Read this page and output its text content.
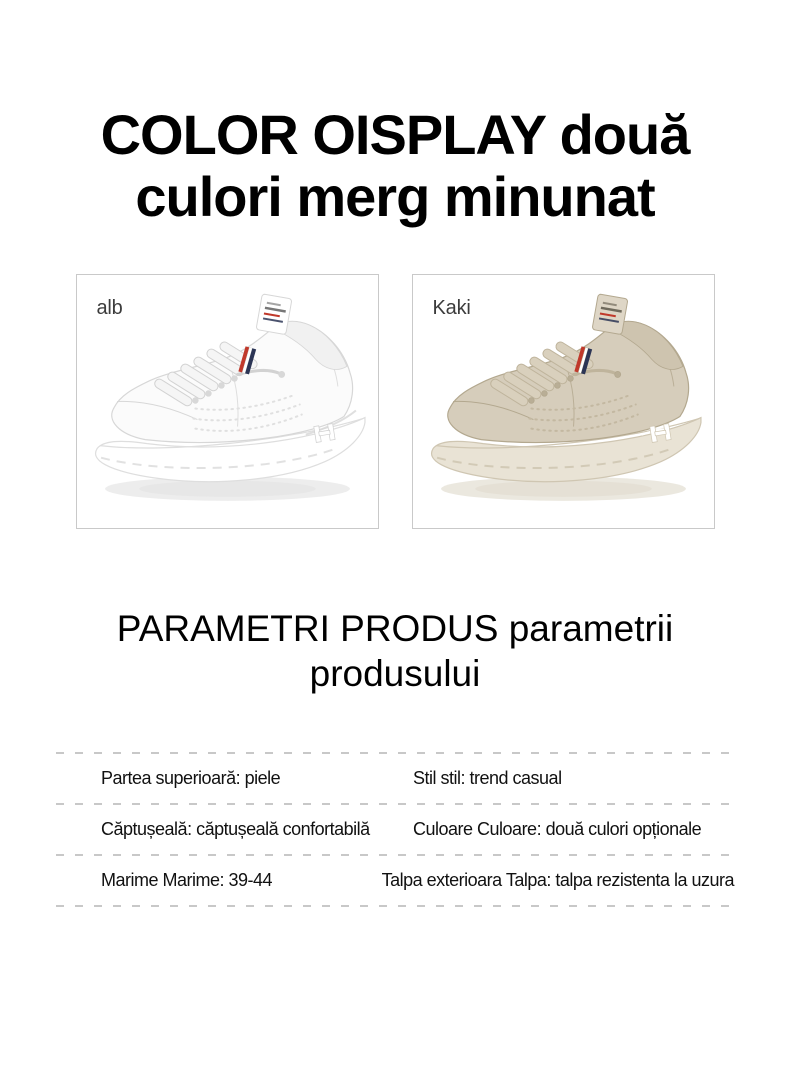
COLOR OISPLAY două culori merg minunat
alb	Kaki
PARAMETRI PRODUS parametrii produsului
Partea superioară: piele	Stil stil: trend casual
Căptușeală: căptușeală confortabilă	Culoare Culoare: două culori opționale
Marime Marime: 39-44	Talpa exterioara Talpa: talpa rezistenta la uzura
